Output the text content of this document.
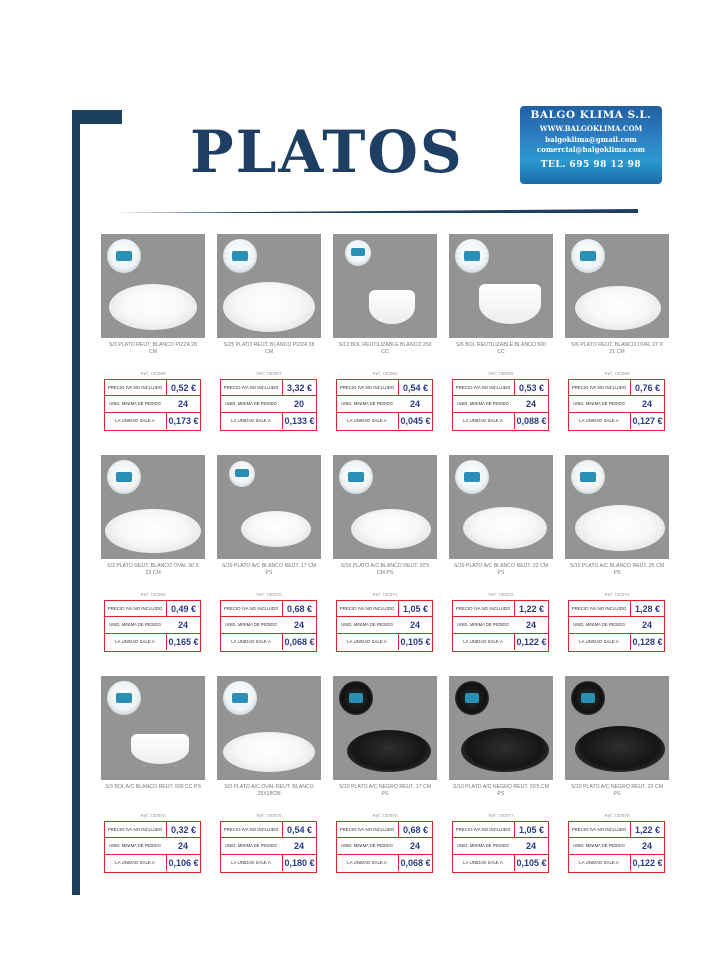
PLATOS
BALGO KLIMA S.L.
WWW.BALGOKLIMA.COM
balgoklima@gmail.com
comercial@balgoklima.com
TEL. 695 98 12 98
S/3 PLATO REUT. BLANCO PIZZA 28 CM
Ref: 730068
PRECIO IVA NO INCLUIDO 0,52 €
UNID. MINIMA DE PEDIDO	24
LA UNIDAD SALE A	0,173 €
S/25 PLATO REUT. BLANCO PIZZA 28 CM
Ref: 730067
PRECIO IVA NO INCLUIDO 3,32 €
UNID. MINIMA DE PEDIDO	20
LA UNIDAD SALE A	0,133 €
S/12 BOL REUTILIZABLE BLANCO 250 CC
Ref: 730064
PRECIO IVA NO INCLUIDO 0,54 €
UNID. MINIMA DE PEDIDO	24
LA UNIDAD SALE A	0,045 €
S/6 BOL REUTILIZABLE BLANCO 500 CC
Ref: 730065
PRECIO IVA NO INCLUIDO 0,53 €
UNID. MINIMA DE PEDIDO	24
LA UNIDAD SALE A	0,088 €
S/6 PLATO REUT. BLANCO OVAL 27 X 21 CM
Ref: 730066
PRECIO IVA NO INCLUIDO 0,76 €
UNID. MINIMA DE PEDIDO	24
LA UNIDAD SALE A	0,127 €
S/3 PLATO REUT. BLANCO OVAL 30 X 23 CM
Ref: 730062
PRECIO IVA NO INCLUIDO 0,49 €
UNID. MINIMA DE PEDIDO	24
LA UNIDAD SALE A	0,165 €
S/10 PLATO A/C BLANCO REUT. 17 CM PS
Ref: 730070
PRECIO IVA NO INCLUIDO 0,68 €
UNID. MINIMA DE PEDIDO	24
LA UNIDAD SALE A	0,068 €
S/10 PLATO A/C BLANCO REUT. 20'5 CM PS
Ref: 730071
PRECIO IVA NO INCLUIDO 1,05 €
UNID. MINIMA DE PEDIDO	24
LA UNIDAD SALE A	0,105 €
S/10 PLATO A/C BLANCO REUT. 22 CM PS
Ref: 730072
PRECIO IVA NO INCLUIDO 1,22 €
UNID. MINIMA DE PEDIDO	24
LA UNIDAD SALE A	0,122 €
S/10 PLATO A/C BLANCO REUT. 25 CM PS
Ref: 730073
PRECIO IVA NO INCLUIDO 1,28 €
UNID. MINIMA DE PEDIDO	24
LA UNIDAD SALE A	0,128 €
S/3 BOL A/C BLANCO REUT. 500 CC PS
Ref: 730074
PRECIO IVA NO INCLUIDO 0,32 €
UNID. MINIMA DE PEDIDO	24
LA UNIDAD SALE A	0,106 €
S/3 PLATO A/C OVAL REUT. BLANCO 25X18CM
Ref: 730075
PRECIO IVA NO INCLUIDO 0,54 €
UNID. MINIMA DE PEDIDO	24
LA UNIDAD SALE A	0,180 €
S/10 PLATO A/C NEGRO REUT. 17 CM PS
Ref: 730076
PRECIO IVA NO INCLUIDO 0,68 €
UNID. MINIMA DE PEDIDO	24
LA UNIDAD SALE A	0,068 €
S/10 PLATO A/C NEGRO REUT. 20'5 CM PS
Ref: 730077
PRECIO IVA NO INCLUIDO 1,05 €
UNID. MINIMA DE PEDIDO	24
LA UNIDAD SALE A	0,105 €
S/10 PLATO A/C NEGRO REUT. 22 CM PS
Ref: 730078
PRECIO IVA NO INCLUIDO 1,22 €
UNID. MINIMA DE PEDIDO	24
LA UNIDAD SALE A	0,122 €
